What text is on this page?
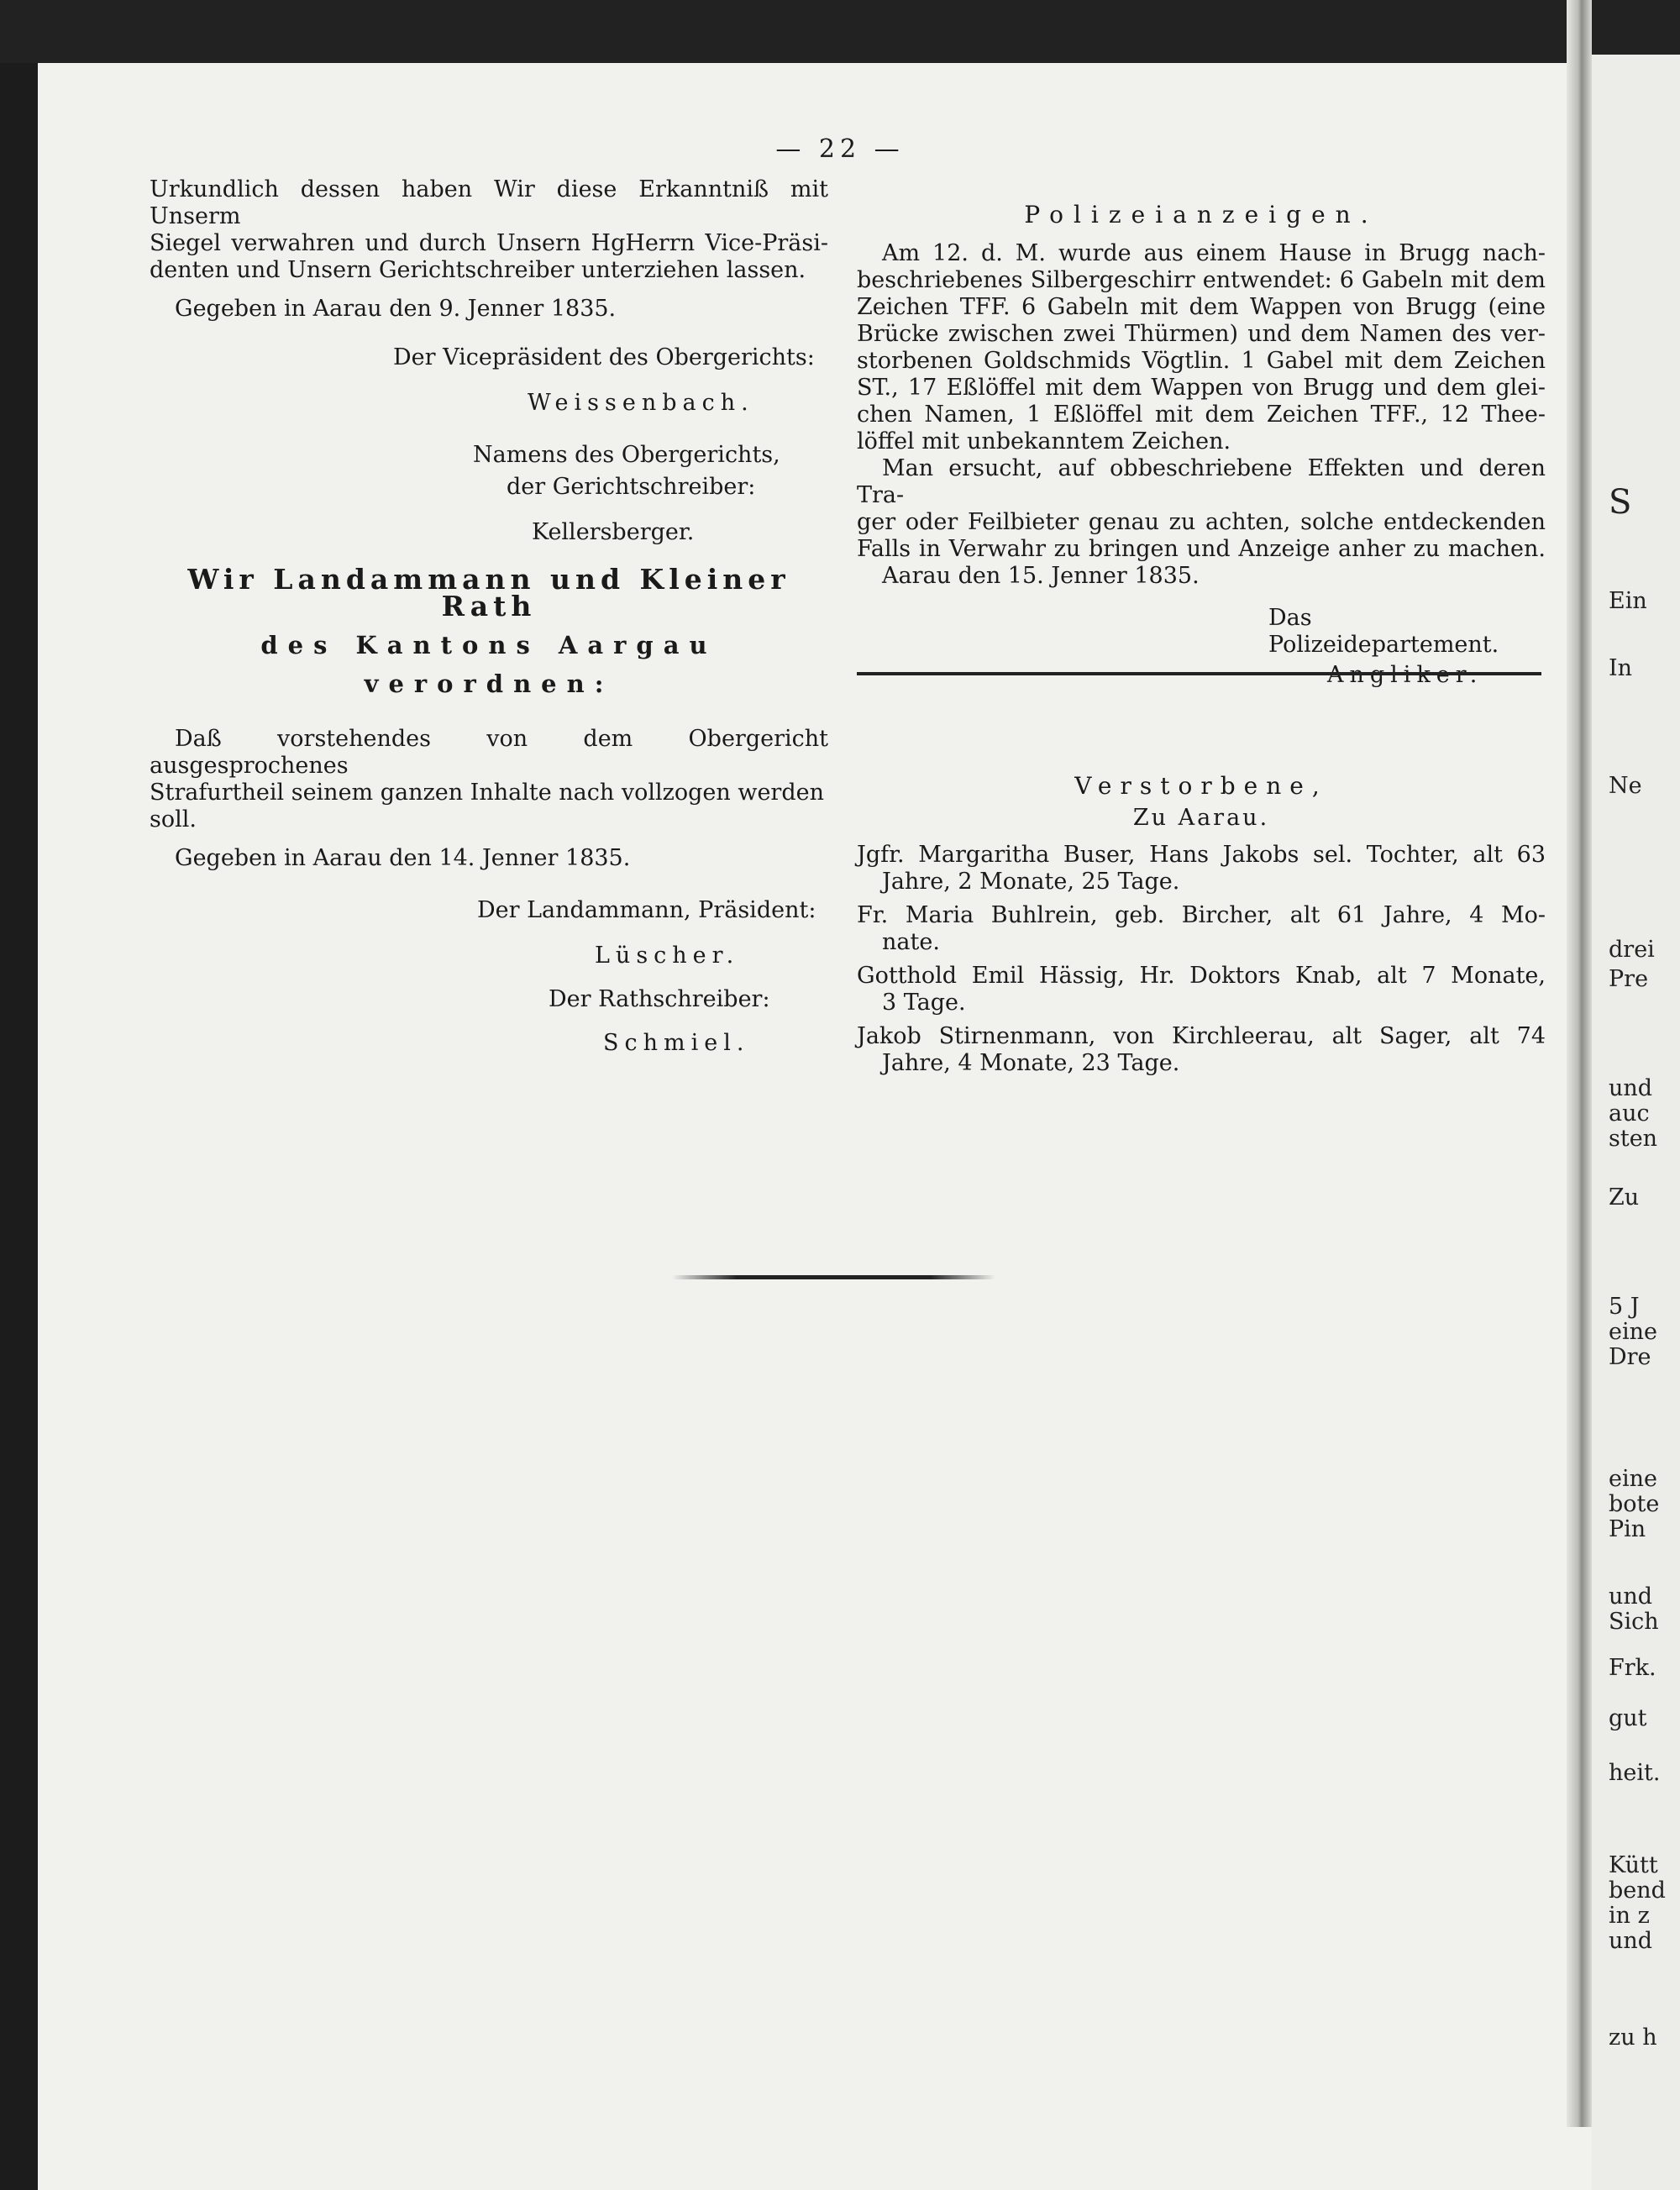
— 22 —

Urkundlich dessen haben Wir diese Erkanntniß mit Unserm

Siegel verwahren und durch Unsern HgHerrn Vice-Präsi-

denten und Unsern Gerichtschreiber unterziehen lassen.

Gegeben in Aarau den 9. Jenner 1835.

Der Vicepräsident des Obergerichts:

Weissenbach.

Namens des Obergerichts,

der Gerichtschreiber:

Kellersberger.

Wir Landammann und Kleiner Rath

des Kantons Aargau

verordnen:

Daß vorstehendes von dem Obergericht ausgesprochenes

Strafurtheil seinem ganzen Inhalte nach vollzogen werden soll.

Gegeben in Aarau den 14. Jenner 1835.

Der Landammann, Präsident:

Lüscher.

Der Rathschreiber:

Schmiel.

Polizeianzeigen.

Am 12. d. M. wurde aus einem Hause in Brugg nach-

beschriebenes Silbergeschirr entwendet: 6 Gabeln mit dem

Zeichen TFF. 6 Gabeln mit dem Wappen von Brugg (eine

Brücke zwischen zwei Thürmen) und dem Namen des ver-

storbenen Goldschmids Vögtlin. 1 Gabel mit dem Zeichen

ST., 17 Eßlöffel mit dem Wappen von Brugg und dem glei-

chen Namen, 1 Eßlöffel mit dem Zeichen TFF., 12 Thee-

löffel mit unbekanntem Zeichen.

Man ersucht, auf obbeschriebene Effekten und deren Tra-

ger oder Feilbieter genau zu achten, solche entdeckenden

Falls in Verwahr zu bringen und Anzeige anher zu machen.

Aarau den 15. Jenner 1835.

Das Polizeidepartement.

Verstorbene,

Zu Aarau.

Jgfr. Margaritha Buser, Hans Jakobs sel. Tochter, alt 63

Jahre, 2 Monate, 25 Tage.

Fr. Maria Buhlrein, geb. Bircher, alt 61 Jahre, 4 Mo-

nate.

Gotthold Emil Hässig, Hr. Doktors Knab, alt 7 Monate,

3 Tage.

Jakob Stirnenmann, von Kirchleerau, alt Sager, alt 74

Jahre, 4 Monate, 23 Tage.

S
Ein
In
Ne
drei
Pre
und
auc
sten
Zu
5 J
eine
Dre
eine
bote
Pin
und
Sich
Frk.
gut
heit.
Kütt
bend
in z
und
zu h
